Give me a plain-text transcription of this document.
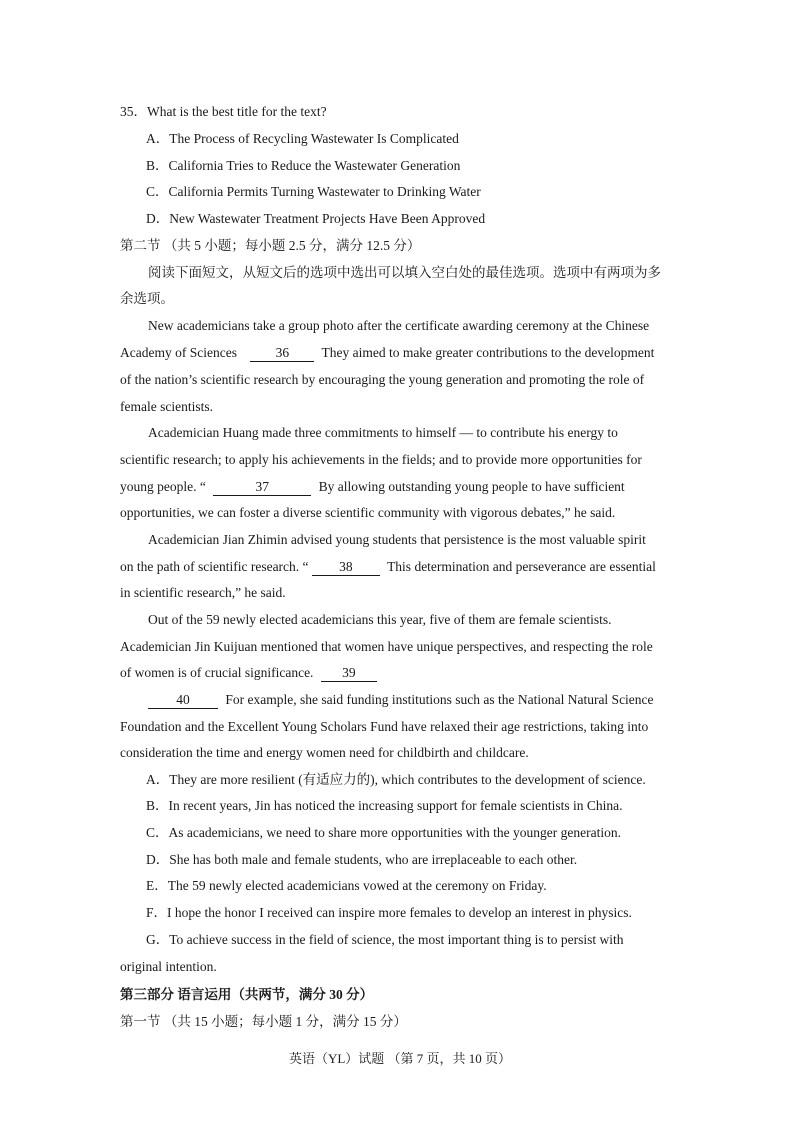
35．What is the best title for the text?
A．The Process of Recycling Wastewater Is Complicated
B．California Tries to Reduce the Wastewater Generation
C．California Permits Turning Wastewater to Drinking Water
D．New Wastewater Treatment Projects Have Been Approved
第二节 （共 5 小题；每小题 2.5 分，满分 12.5 分）
阅读下面短文，从短文后的选项中选出可以填入空白处的最佳选项。选项中有两项为多
余选项。
New academicians take a group photo after the certificate awarding ceremony at the Chinese
Academy of Sciences	36 They aimed to make greater contributions to the development
of the nation’s scientific research by encouraging the young generation and promoting the role of
female scientists.
Academician Huang made three commitments to himself — to contribute his energy to
scientific research; to apply his achievements in the fields; and to provide more opportunities for
young people. “	37	By allowing outstanding young people to have sufficient
opportunities, we can foster a diverse scientific community with vigorous debates,” he said.
Academician Jian Zhimin advised young students that persistence is the most valuable spirit
on the path of scientific research. “ 38	This determination and perseverance are essential
in scientific research,” he said.
Out of the 59 newly elected academicians this year, five of them are female scientists.
Academician Jin Kuijuan mentioned that women have unique perspectives, and respecting the role
of women is of crucial significance. 39
40	For example, she said funding institutions such as the National Natural Science
Foundation and the Excellent Young Scholars Fund have relaxed their age restrictions, taking into
consideration the time and energy women need for childbirth and childcare.
A．They are more resilient (有适应力的), which contributes to the development of science.
B．In recent years, Jin has noticed the increasing support for female scientists in China.
C．As academicians, we need to share more opportunities with the younger generation.
D．She has both male and female students, who are irreplaceable to each other.
E．The 59 newly elected academicians vowed at the ceremony on Friday.
F．I hope the honor I received can inspire more females to develop an interest in physics.
G．To achieve success in the field of science, the most important thing is to persist with
original intention.
第三部分 语言运用（共两节，满分 30 分）
第一节 （共 15 小题；每小题 1 分，满分 15 分）
英语（YL）试题 （第 7 页，共 10 页）
